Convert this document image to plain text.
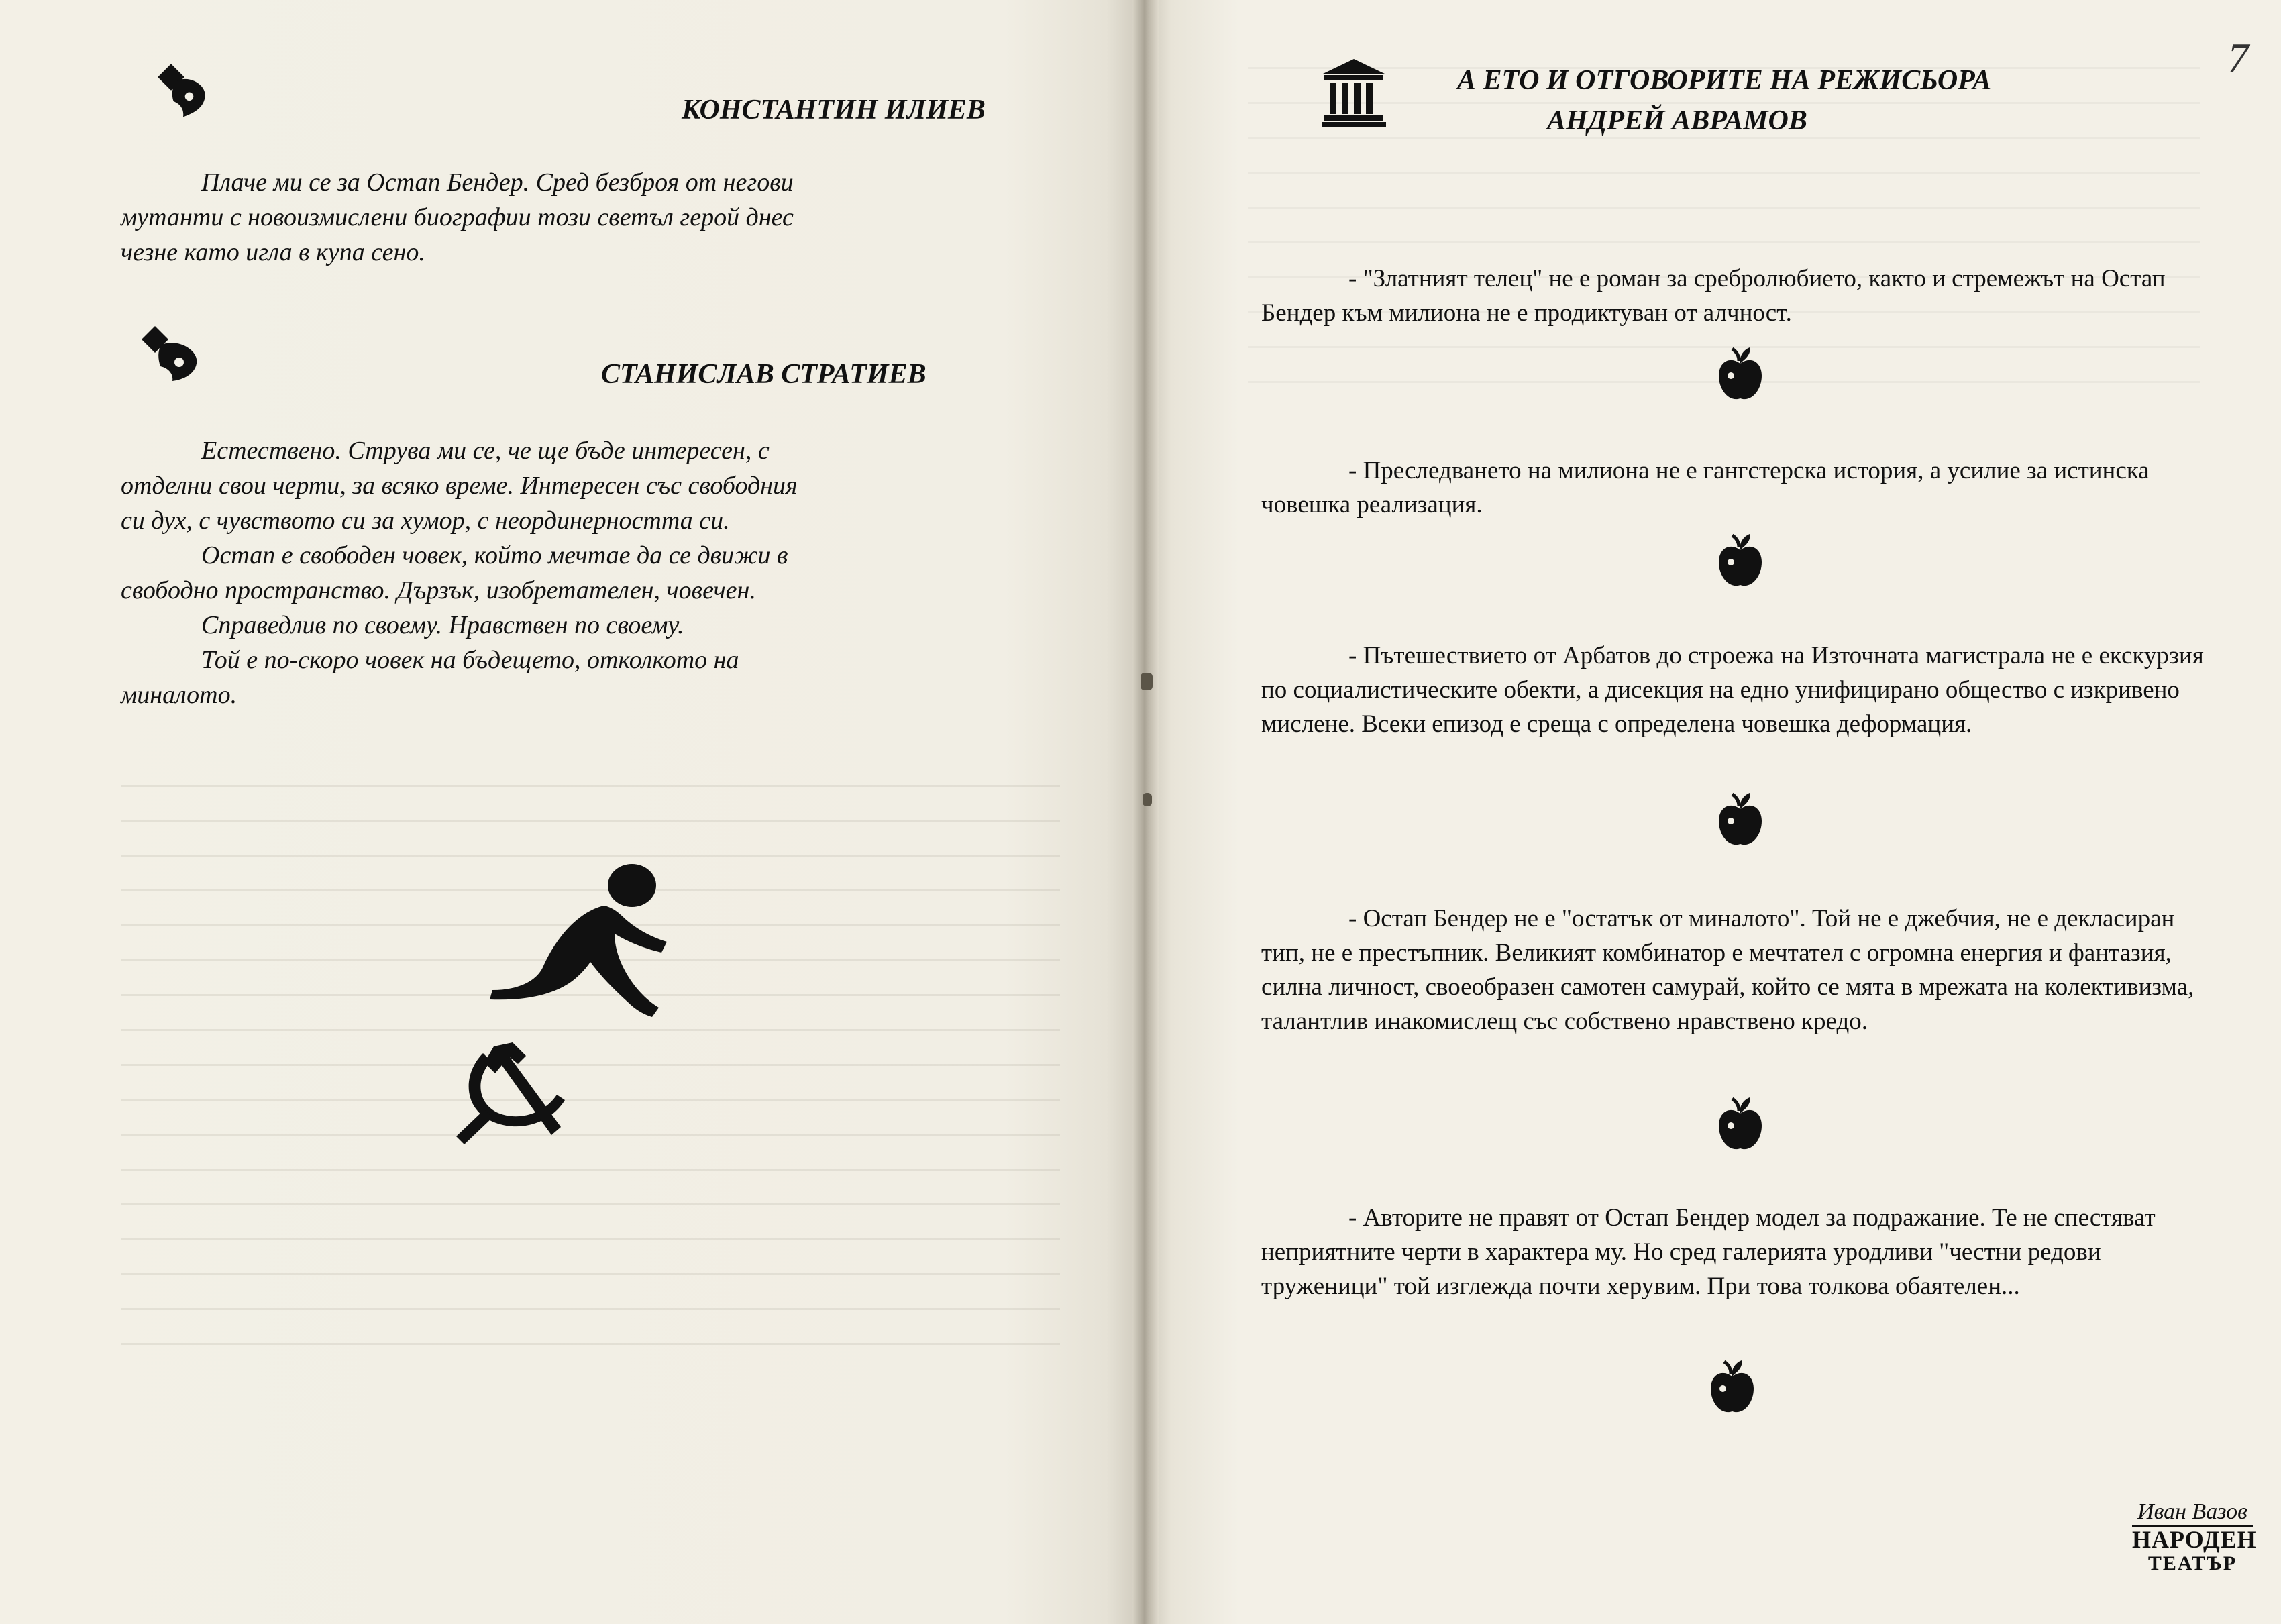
КОНСТАНТИН ИЛИЕВ
Плаче ми се за Остап Бендер. Сред безброя от негови
мутанти с новоизмислени биографии този светъл герой днес
чезне като игла в купа сено.
СТАНИСЛАВ СТРАТИЕВ
Естествено. Струва ми се, че ще бъде интересен, с
отделни свои черти, за всяко време. Интересен със свободния
си дух, с чувството си за хумор, с неординерността си.
Остап е свободен човек, който мечтае да се движи в
свободно пространство. Дързък, изобретателен, човечен.
Справедлив по своему. Нравствен по своему.
Той е по-скоро човек на бъдещето, отколкото на
миналото.
А ЕТО И ОТГОВОРИТЕ НА РЕЖИСЬОРА
АНДРЕЙ АВРАМОВ

- "Златният телец" не е роман за сребролюбието, както и стремежът на Остап Бендер към милиона не е продиктуван от алчност.

- Преследването на милиона не е гангстерска история, а усилие за истинска човешка реализация.

- Пътешествието от Арбатов до строежа на Източната магистрала не е екскурзия по социалистическите обекти, а дисекция на едно унифицирано общество с изкривено мислене. Всеки епизод е среща с определена човешка деформация.

- Остап Бендер не е "остатък от миналото". Той не е джебчия, не е декласиран тип, не е престъпник. Великият комбинатор е мечтател с огромна енергия и фантазия, силна личност, своеобразен самотен самурай, който се мята в мрежата на колективизма, талантлив инакомислещ със собствено нравствено кредо.

- Авторите не правят от Остап Бендер модел за подражание. Те не спестяват неприятните черти в характера му. Но сред галерията уродливи "честни редови труженици" той изглежда почти херувим. При това толкова обаятелен...

7

Иван Вазов
НАРОДЕН
ТЕАТЪР
